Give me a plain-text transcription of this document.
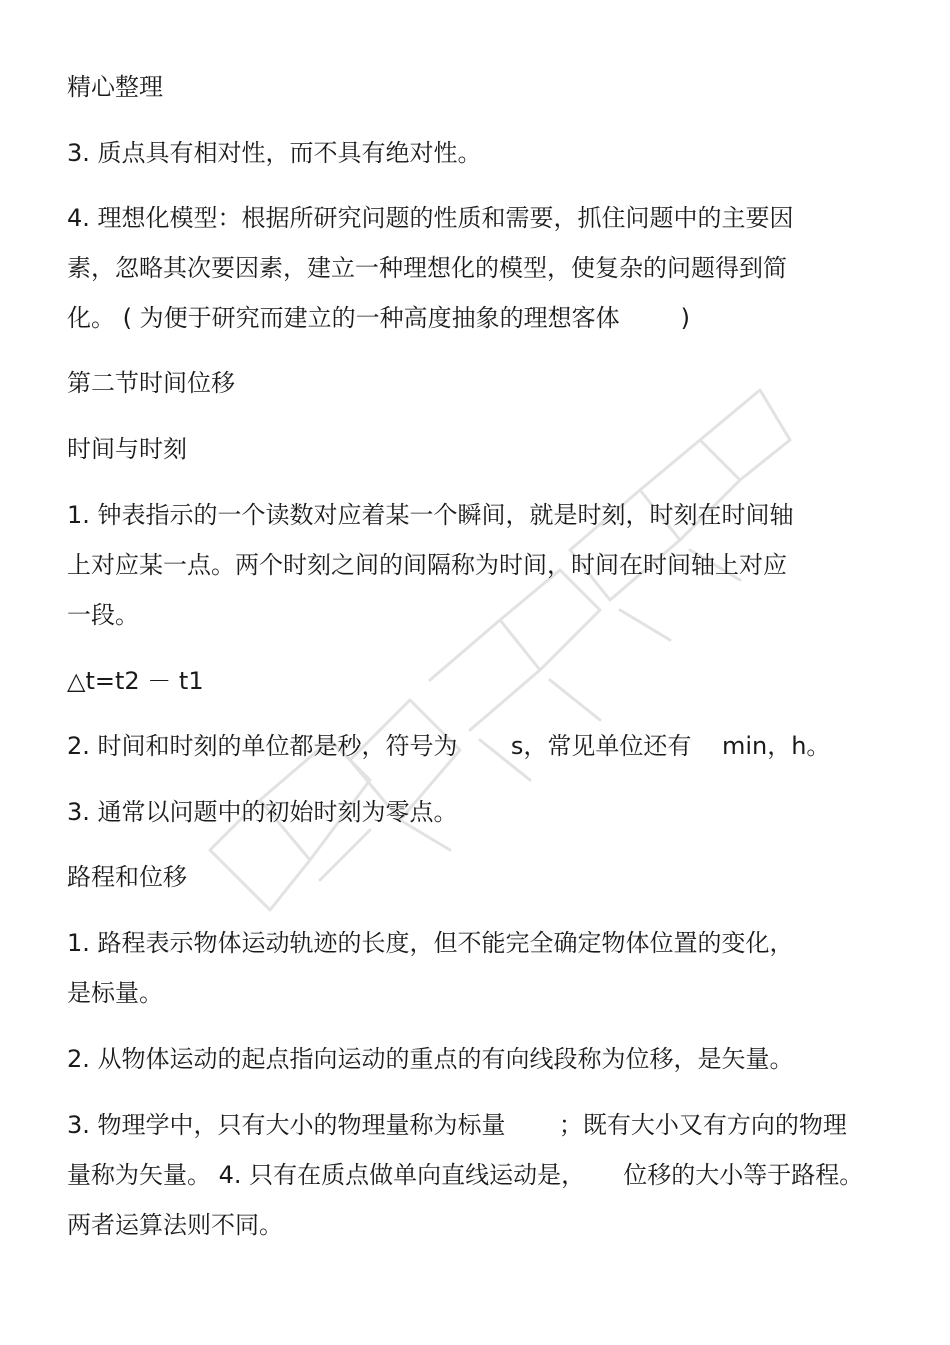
精心整理

3. 质点具有相对性，而不具有绝对性。

4. 理想化模型：根据所研究问题的性质和需要，抓住问题中的主要因

素，忽略其次要因素，建立一种理想化的模型，使复杂的问题得到简

化。 ( 为便于研究而建立的一种高度抽象的理想客体        )

第二节时间位移

时间与时刻

1. 钟表指示的一个读数对应着某一个瞬间，就是时刻，时刻在时间轴

上对应某一点。两个时刻之间的间隔称为时间，时间在时间轴上对应

一段。

△t=t2 － t1

2. 时间和时刻的单位都是秒，符号为       s，常见单位还有    min，h。

3. 通常以问题中的初始时刻为零点。

路程和位移

1. 路程表示物体运动轨迹的长度，但不能完全确定物体位置的变化，

是标量。

2. 从物体运动的起点指向运动的重点的有向线段称为位移，是矢量。

3. 物理学中，只有大小的物理量称为标量       ；既有大小又有方向的物理

量称为矢量。 4. 只有在质点做单向直线运动是，     位移的大小等于路程。

两者运算法则不同。
